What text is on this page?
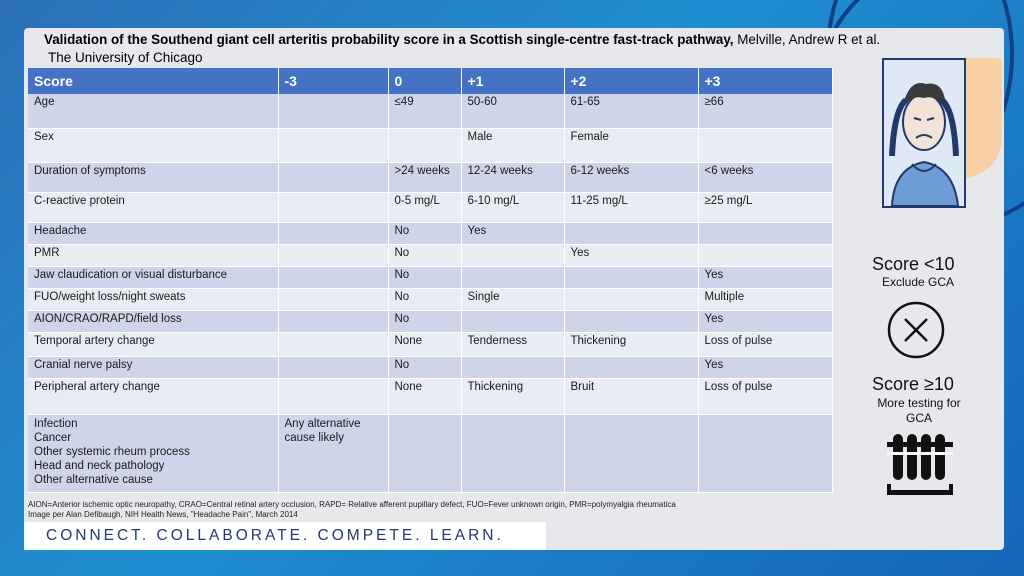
Validation of the Southend giant cell arteritis probability score in a Scottish single-centre fast-track pathway, Melville, Andrew R et al.
The University of Chicago
Score	-3	0	+1	+2	+3
Age		≤49	50-60	61-65	≥66
Sex			Male	Female	
Duration of symptoms		>24 weeks	12-24 weeks	6-12 weeks	<6 weeks
C-reactive protein		0-5 mg/L	6-10 mg/L	11-25 mg/L	≥25 mg/L
Headache		No	Yes		
PMR		No		Yes	
Jaw claudication or visual disturbance		No			Yes
FUO/weight loss/night sweats		No	Single		Multiple
AION/CRAO/RAPD/field loss		No			Yes
Temporal artery change		None	Tenderness	Thickening	Loss of pulse
Cranial nerve palsy		No			Yes
Peripheral artery change		None	Thickening	Bruit	Loss of pulse

Infection
Cancer
Other systemic rheum process
Head and neck pathology
Other alternative cause	Any alternative cause likely				
AION=Anterior ischemic optic neuropathy, CRAO=Central retinal artery occlusion, RAPD= Relative afferent pupillary defect, FUO=Fever unknown origin, PMR=polymyalgia rheumatica
Image per Alan Defibaugh, NIH Health News, "Headache Pain", March 2014
CONNECT. COLLABORATE. COMPETE. LEARN.
Score <10
Exclude GCA
Score ≥10
More testing for GCA
